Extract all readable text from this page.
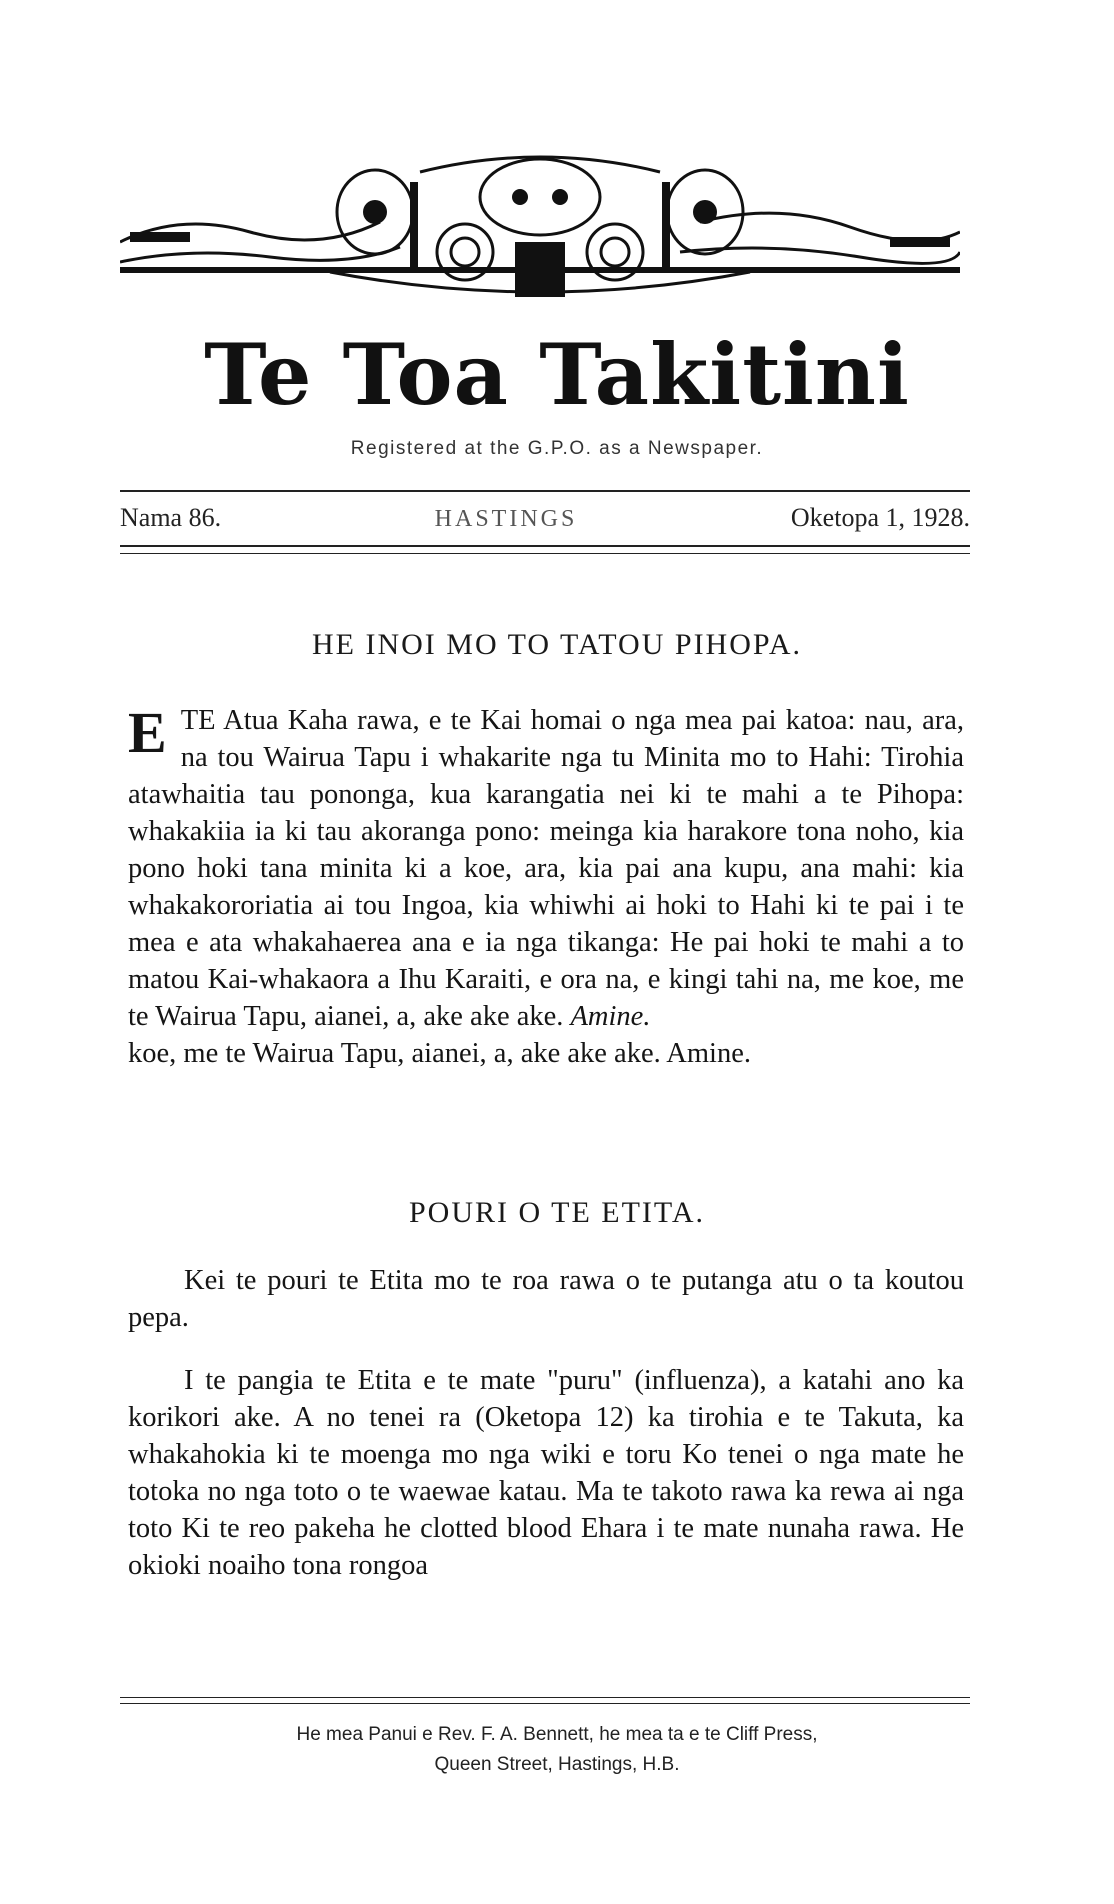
Te Toa Takitini
Registered at the G.P.O. as a Newspaper.
Nama 86.	HASTINGS	Oketopa 1, 1928.
HE INOI MO TO TATOU PIHOPA.
E TE Atua Kaha rawa, e te Kai homai o nga mea pai katoa: nau, ara, na tou Wairua Tapu i whakarite nga tu Minita mo to Hahi: Tirohia atawhaitia tau pononga, kua karangatia nei ki te mahi a te Pihopa: whakakiia ia ki tau akoranga pono: meinga kia harakore tona noho, kia pono hoki tana minita ki a koe, ara, kia pai ana kupu, ana mahi: kia whakakororiatia ai tou Ingoa, kia whiwhi ai hoki to Hahi ki te pai i te mea e ata whakahaerea ana e ia nga tikanga: He pai hoki te mahi a to matou Kai-whakaora a Ihu Karaiti, e ora na, e kingi tahi na, me koe, me te Wairua Tapu, aianei, a, ake ake ake. Amine.
koe, me te Wairua Tapu, aianei, a, ake ake ake. Amine.
POURI O TE ETITA.
Kei te pouri te Etita mo te roa rawa o te putanga atu o ta koutou pepa.
I te pangia te Etita e te mate "puru" (influenza), a katahi ano ka korikori ake. A no tenei ra (Oketopa 12) ka tirohia e te Takuta, ka whakahokia ki te moenga mo nga wiki e toru Ko tenei o nga mate he totoka no nga toto o te waewae katau. Ma te takoto rawa ka rewa ai nga toto Ki te reo pakeha he clotted blood Ehara i te mate nunaha rawa. He okioki noaiho tona rongoa
He mea Panui e Rev. F. A. Bennett, he mea ta e te Cliff Press,
Queen Street, Hastings, H.B.
